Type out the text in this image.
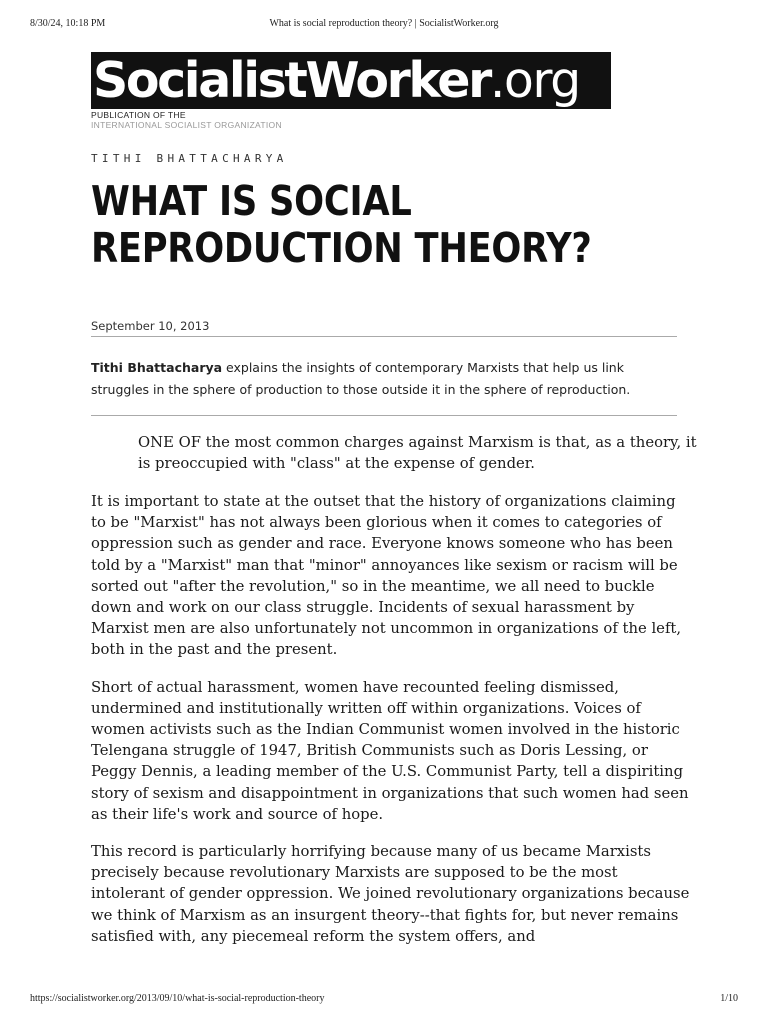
8/30/24, 10:18 PM	What is social reproduction theory? | SocialistWorker.org
SocialistWorker.org
PUBLICATION OF THE
INTERNATIONAL SOCIALIST ORGANIZATION
TITHI BHATTACHARYA
WHAT IS SOCIAL REPRODUCTION THEORY?
September 10, 2013

Tithi Bhattacharya explains the insights of contemporary Marxists that help us link struggles in the sphere of production to those outside it in the sphere of reproduction.

ONE OF the most common charges against Marxism is that, as a theory, it is preoccupied with "class" at the expense of gender.

It is important to state at the outset that the history of organizations claiming to be "Marxist" has not always been glorious when it comes to categories of oppression such as gender and race. Everyone knows someone who has been told by a "Marxist" man that "minor" annoyances like sexism or racism will be sorted out "after the revolution," so in the meantime, we all need to buckle down and work on our class struggle. Incidents of sexual harassment by Marxist men are also unfortunately not uncommon in organizations of the left, both in the past and the present.

Short of actual harassment, women have recounted feeling dismissed, undermined and institutionally written off within organizations. Voices of women activists such as the Indian Communist women involved in the historic Telengana struggle of 1947, British Communists such as Doris Lessing, or Peggy Dennis, a leading member of the U.S. Communist Party, tell a dispiriting story of sexism and disappointment in organizations that such women had seen as their life's work and source of hope.

This record is particularly horrifying because many of us became Marxists precisely because revolutionary Marxists are supposed to be the most intolerant of gender oppression. We joined revolutionary organizations because we think of Marxism as an insurgent theory--that fights for, but never remains satisfied with, any piecemeal reform the system offers, and

https://socialistworker.org/2013/09/10/what-is-social-reproduction-theory	1/10
